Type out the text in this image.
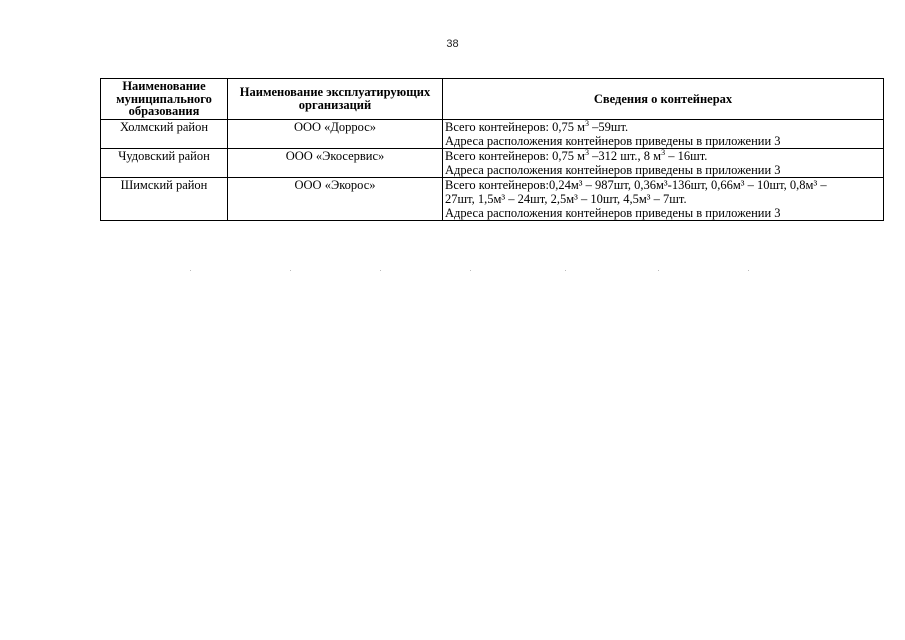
38
Наименование муниципального образования	Наименование эксплуатирующих организаций	Сведения о контейнерах
Холмский район	ООО «Доррос»	Всего контейнеров: 0,75 $м^3$ –59шт.
Адреса расположения контейнеров приведены в приложении 3

Чудовский район	ООО «Экосервис»	Всего контейнеров: 0,75 $м^3$ –312 шт., 8 $м^3 - 16шт$.
Адреса расположения контейнеров приведены в приложении 3

Шимский район	ООО «Экорос»	Всего контейнеров:0,24м³ – 987шт, 0,36м³-136шт, 0,66м³ – 10шт, 0,8м³ –
27шт, 1,5м³ – 24шт, 2,5м³ – 10шт, 4,5м³ – 7шт.
Адреса расположения контейнеров приведены в приложении 3
